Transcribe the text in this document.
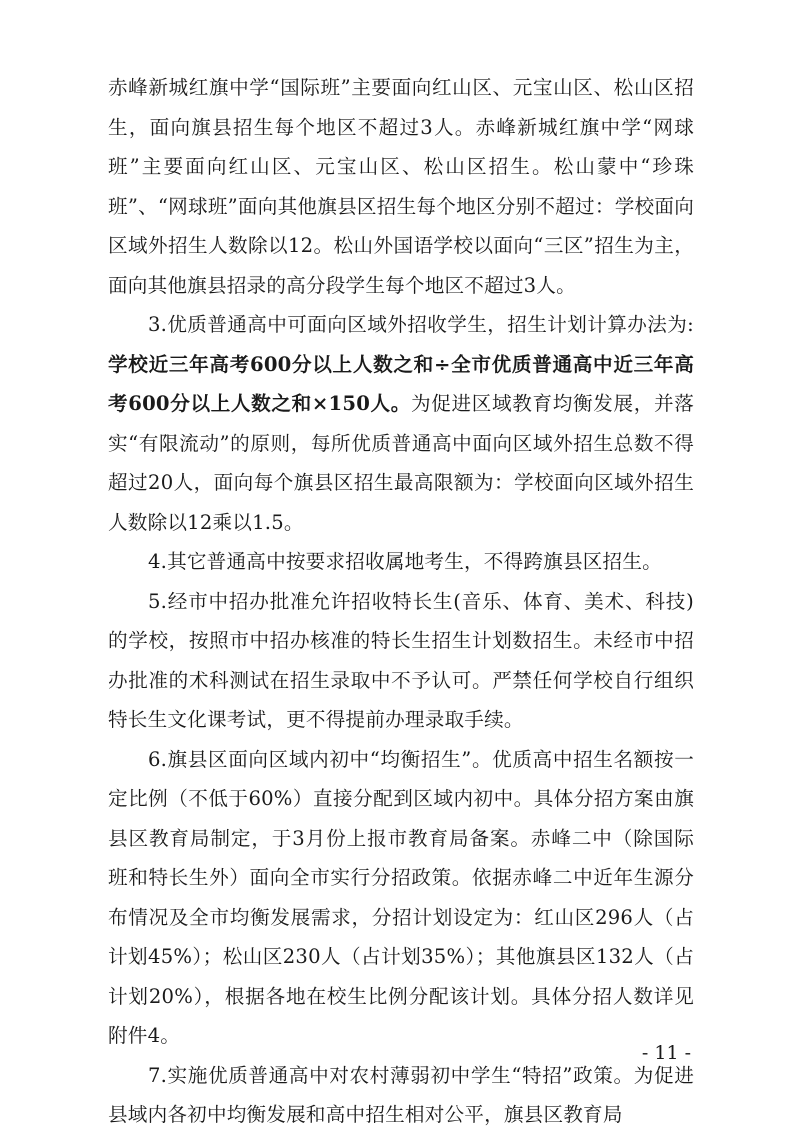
赤峰新城红旗中学“国际班”主要面向红山区、元宝山区、松山区招生，面向旗县招生每个地区不超过3人。赤峰新城红旗中学“网球班”主要面向红山区、元宝山区、松山区招生。松山蒙中“珍珠班”、“网球班”面向其他旗县区招生每个地区分别不超过：学校面向区域外招生人数除以12。松山外国语学校以面向“三区”招生为主，面向其他旗县招录的高分段学生每个地区不超过3人。

3.优质普通高中可面向区域外招收学生，招生计划计算办法为:学校近三年高考600分以上人数之和÷全市优质普通高中近三年高考600分以上人数之和×150人。为促进区域教育均衡发展，并落实“有限流动”的原则，每所优质普通高中面向区域外招生总数不得超过20人，面向每个旗县区招生最高限额为：学校面向区域外招生人数除以12乘以1.5。

4.其它普通高中按要求招收属地考生，不得跨旗县区招生。

5.经市中招办批准允许招收特长生(音乐、体育、美术、科技)的学校，按照市中招办核准的特长生招生计划数招生。未经市中招办批准的术科测试在招生录取中不予认可。严禁任何学校自行组织特长生文化课考试，更不得提前办理录取手续。

6.旗县区面向区域内初中“均衡招生”。优质高中招生名额按一定比例（不低于60%）直接分配到区域内初中。具体分招方案由旗县区教育局制定，于3月份上报市教育局备案。赤峰二中（除国际班和特长生外）面向全市实行分招政策。依据赤峰二中近年生源分布情况及全市均衡发展需求，分招计划设定为：红山区296人（占计划45%）；松山区230人（占计划35%）；其他旗县区132人（占计划20%），根据各地在校生比例分配该计划。具体分招人数详见附件4。

7.实施优质普通高中对农村薄弱初中学生“特招”政策。为促进县域内各初中均衡发展和高中招生相对公平，旗县区教育局

- 11 -
